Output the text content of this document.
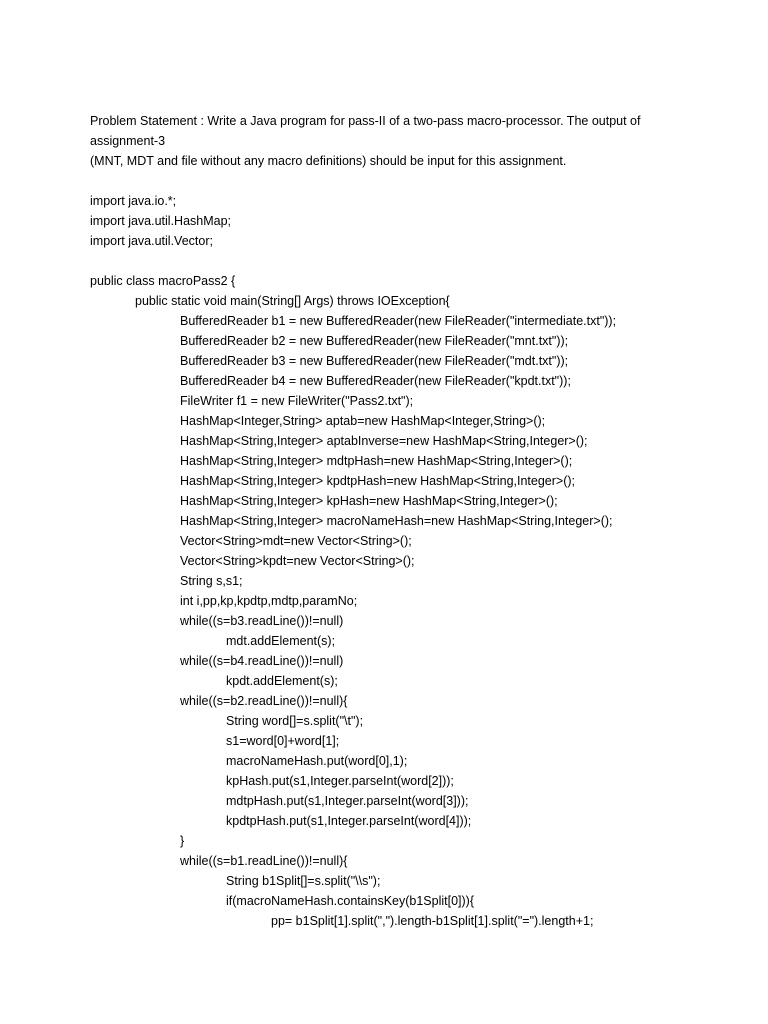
Problem Statement : Write a Java program for pass-II of a two-pass macro-processor. The output of
assignment-3
(MNT, MDT and file without any macro definitions) should be input for this assignment.
import java.io.*;
import java.util.HashMap;
import java.util.Vector;
public class macroPass2 {
public static void main(String[] Args) throws IOException{
BufferedReader b1 = new BufferedReader(new FileReader("intermediate.txt"));
BufferedReader b2 = new BufferedReader(new FileReader("mnt.txt"));
BufferedReader b3 = new BufferedReader(new FileReader("mdt.txt"));
BufferedReader b4 = new BufferedReader(new FileReader("kpdt.txt"));
FileWriter f1 = new FileWriter("Pass2.txt");
HashMap<Integer,String> aptab=new HashMap<Integer,String>();
HashMap<String,Integer> aptabInverse=new HashMap<String,Integer>();
HashMap<String,Integer> mdtpHash=new HashMap<String,Integer>();
HashMap<String,Integer> kpdtpHash=new HashMap<String,Integer>();
HashMap<String,Integer> kpHash=new HashMap<String,Integer>();
HashMap<String,Integer> macroNameHash=new HashMap<String,Integer>();
Vector<String>mdt=new Vector<String>();
Vector<String>kpdt=new Vector<String>();
String s,s1;
int i,pp,kp,kpdtp,mdtp,paramNo;
while((s=b3.readLine())!=null)
mdt.addElement(s);
while((s=b4.readLine())!=null)
kpdt.addElement(s);
while((s=b2.readLine())!=null){
String word[]=s.split("\t");
s1=word[0]+word[1];
macroNameHash.put(word[0],1);
kpHash.put(s1,Integer.parseInt(word[2]));
mdtpHash.put(s1,Integer.parseInt(word[3]));
kpdtpHash.put(s1,Integer.parseInt(word[4]));
}
while((s=b1.readLine())!=null){
String b1Split[]=s.split("\\s");
if(macroNameHash.containsKey(b1Split[0])){
pp= b1Split[1].split(",").length-b1Split[1].split("=").length+1;
